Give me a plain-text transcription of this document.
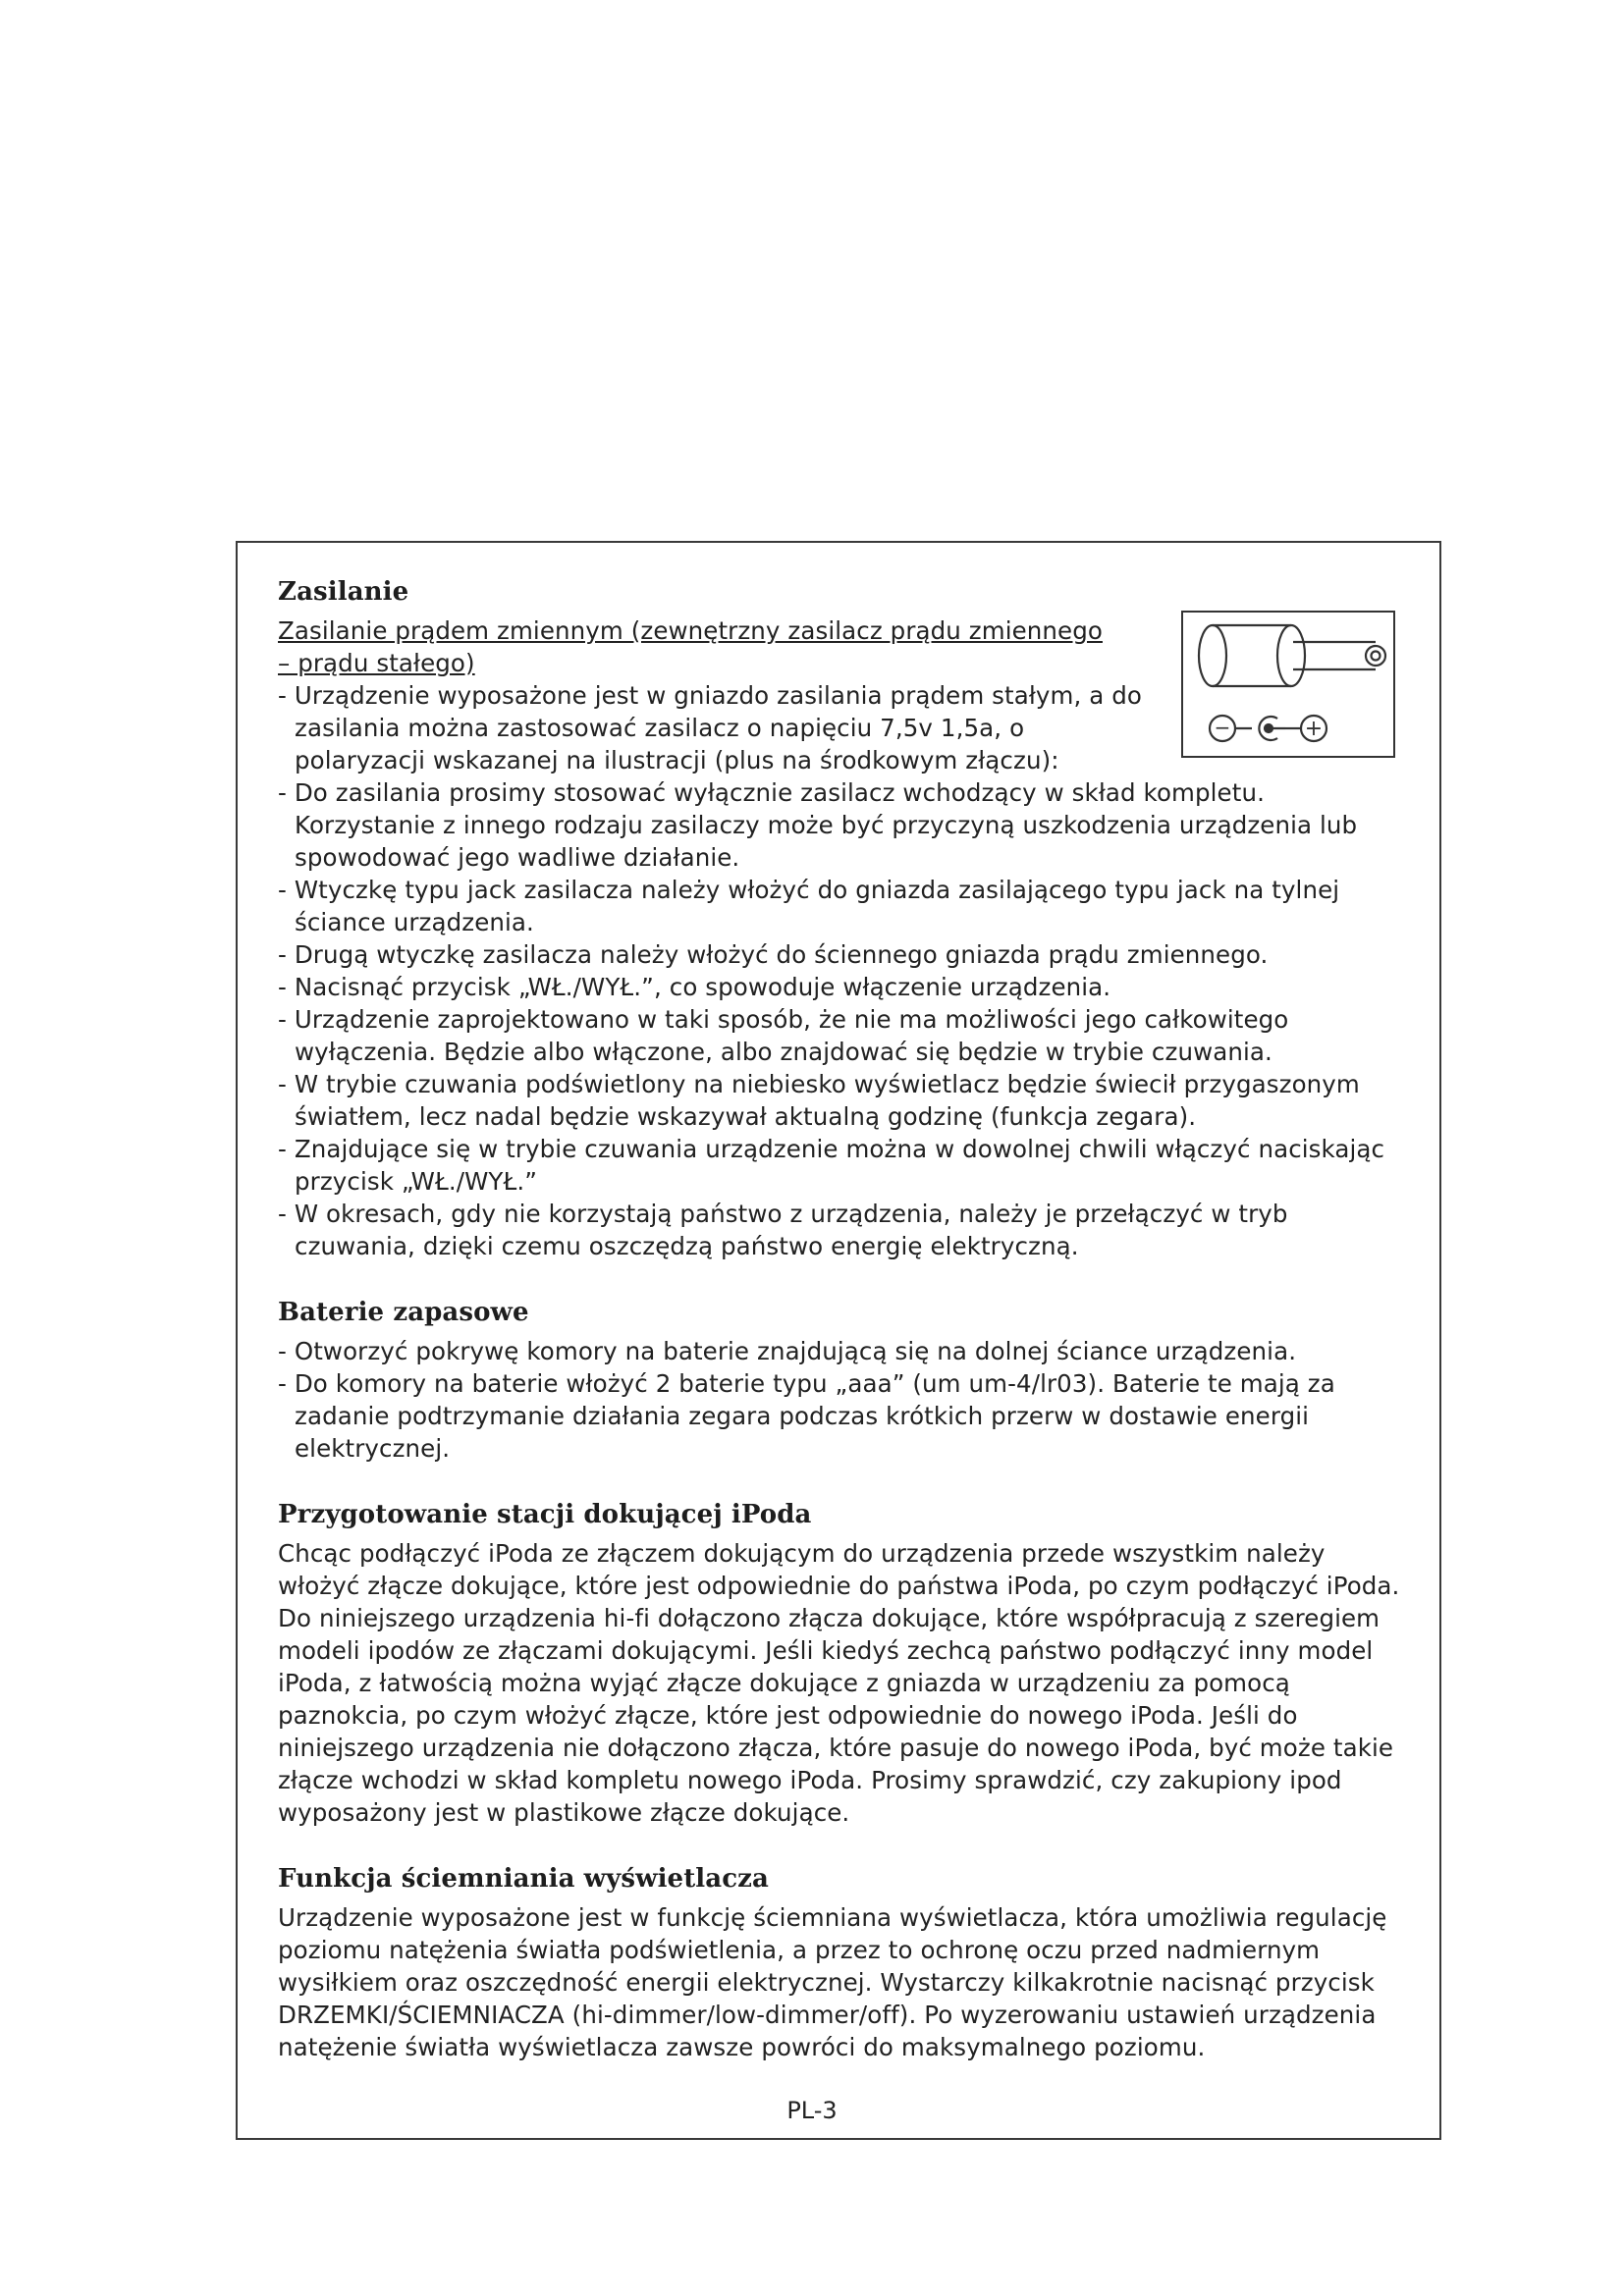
−	+
Zasilanie
Zasilanie prądem zmiennym (zewnętrzny zasilacz prądu zmiennego – prądu stałego)
- Urządzenie wyposażone jest w gniazdo zasilania prądem stałym, a do zasilania można zastosować zasilacz o napięciu 7,5v 1,5a, o polaryzacji wskazanej na ilustracji (plus na środkowym złączu):
- Do zasilania prosimy stosować wyłącznie zasilacz wchodzący w skład kompletu. Korzystanie z innego rodzaju zasilaczy może być przyczyną uszkodzenia urządzenia lub spowodować jego wadliwe działanie.
- Wtyczkę typu jack zasilacza należy włożyć do gniazda zasilającego typu jack na tylnej ściance urządzenia.
- Drugą wtyczkę zasilacza należy włożyć do ściennego gniazda prądu zmiennego.
- Nacisnąć przycisk „WŁ./WYŁ.”, co spowoduje włączenie urządzenia.
- Urządzenie zaprojektowano w taki sposób, że nie ma możliwości jego całkowitego wyłączenia. Będzie albo włączone, albo znajdować się będzie w trybie czuwania.
- W trybie czuwania podświetlony na niebiesko wyświetlacz będzie świecił przygaszonym światłem, lecz nadal będzie wskazywał aktualną godzinę (funkcja zegara).
- Znajdujące się w trybie czuwania urządzenie można w dowolnej chwili włączyć naciskając przycisk „WŁ./WYŁ.”
- W okresach, gdy nie korzystają państwo z urządzenia, należy je przełączyć w tryb czuwania, dzięki czemu oszczędzą państwo energię elektryczną.
Baterie zapasowe
- Otworzyć pokrywę komory na baterie znajdującą się na dolnej ściance urządzenia.
- Do komory na baterie włożyć 2 baterie typu „aaa” (um um-4/lr03). Baterie te mają za zadanie podtrzymanie działania zegara podczas krótkich przerw w dostawie energii elektrycznej.
Przygotowanie stacji dokującej iPoda

Chcąc podłączyć iPoda ze złączem dokującym do urządzenia przede wszystkim należy włożyć złącze dokujące, które jest odpowiednie do państwa iPoda, po czym podłączyć iPoda.

Do niniejszego urządzenia hi-fi dołączono złącza dokujące, które współpracują z szeregiem modeli ipodów ze złączami dokującymi. Jeśli kiedyś zechcą państwo podłączyć inny model iPoda, z łatwością można wyjąć złącze dokujące z gniazda w urządzeniu za pomocą paznokcia, po czym włożyć złącze, które jest odpowiednie do nowego iPoda. Jeśli do niniejszego urządzenia nie dołączono złącza, które pasuje do nowego iPoda, być może takie złącze wchodzi w skład kompletu nowego iPoda. Prosimy sprawdzić, czy zakupiony ipod wyposażony jest w plastikowe złącze dokujące.

Funkcja ściemniania wyświetlacza

Urządzenie wyposażone jest w funkcję ściemniana wyświetlacza, która umożliwia regulację poziomu natężenia światła podświetlenia, a przez to ochronę oczu przed nadmiernym wysiłkiem oraz oszczędność energii elektrycznej. Wystarczy kilkakrotnie nacisnąć przycisk DRZEMKI/ŚCIEMNIACZA (hi-dimmer/low-dimmer/off). Po wyzerowaniu ustawień urządzenia natężenie światła wyświetlacza zawsze powróci do maksymalnego poziomu.

PL-3
